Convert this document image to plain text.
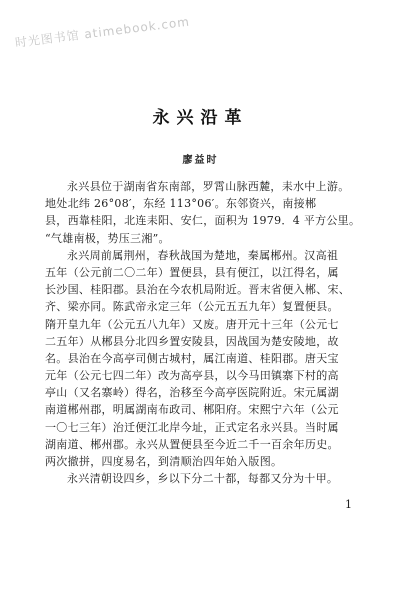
时光图书馆 atimebook.com
永兴沿革
廖益时
永兴县位于湖南省东南部，罗霄山脉西麓，耒水中上游。
地处北纬 26°08′，东经 113°06′。东邻资兴，南接郴
县，西靠桂阳，北连耒阳、安仁，面积为 1979．4 平方公里。
“气雄南极，势压三湘”。
永兴周前属荆州，春秋战国为楚地，秦属郴州。汉高祖
五年（公元前二〇二年）置便县，县有便江，以江得名，属
长沙国、桂阳郡。县治在今农机局附近。晋末省便入郴、宋、
齐、梁亦同。陈武帝永定三年（公元五五九年）复置便县。
隋开皇九年（公元五八九年）又废。唐开元十三年（公元七
二五年）从郴县分北四乡置安陵县，因战国为楚安陵地，故
名。县治在今高亭司侧古城村，属江南道、桂阳郡。唐天宝
元年（公元七四二年）改为高亭县，以今马田镇寨下村的高
亭山（又名寨岭）得名，治移至今高亭医院附近。宋元属湖
南道郴州郡，明属湖南布政司、郴阳府。宋熙宁六年（公元
一〇七三年）治迁便江北岸今址，正式定名永兴县。当时属
湖南道、郴州郡。永兴从置便县至今近二千一百余年历史。
两次撤拼，四度易名，到清顺治四年始入版图。
永兴清朝设四乡，乡以下分二十都，每都又分为十甲。
1
